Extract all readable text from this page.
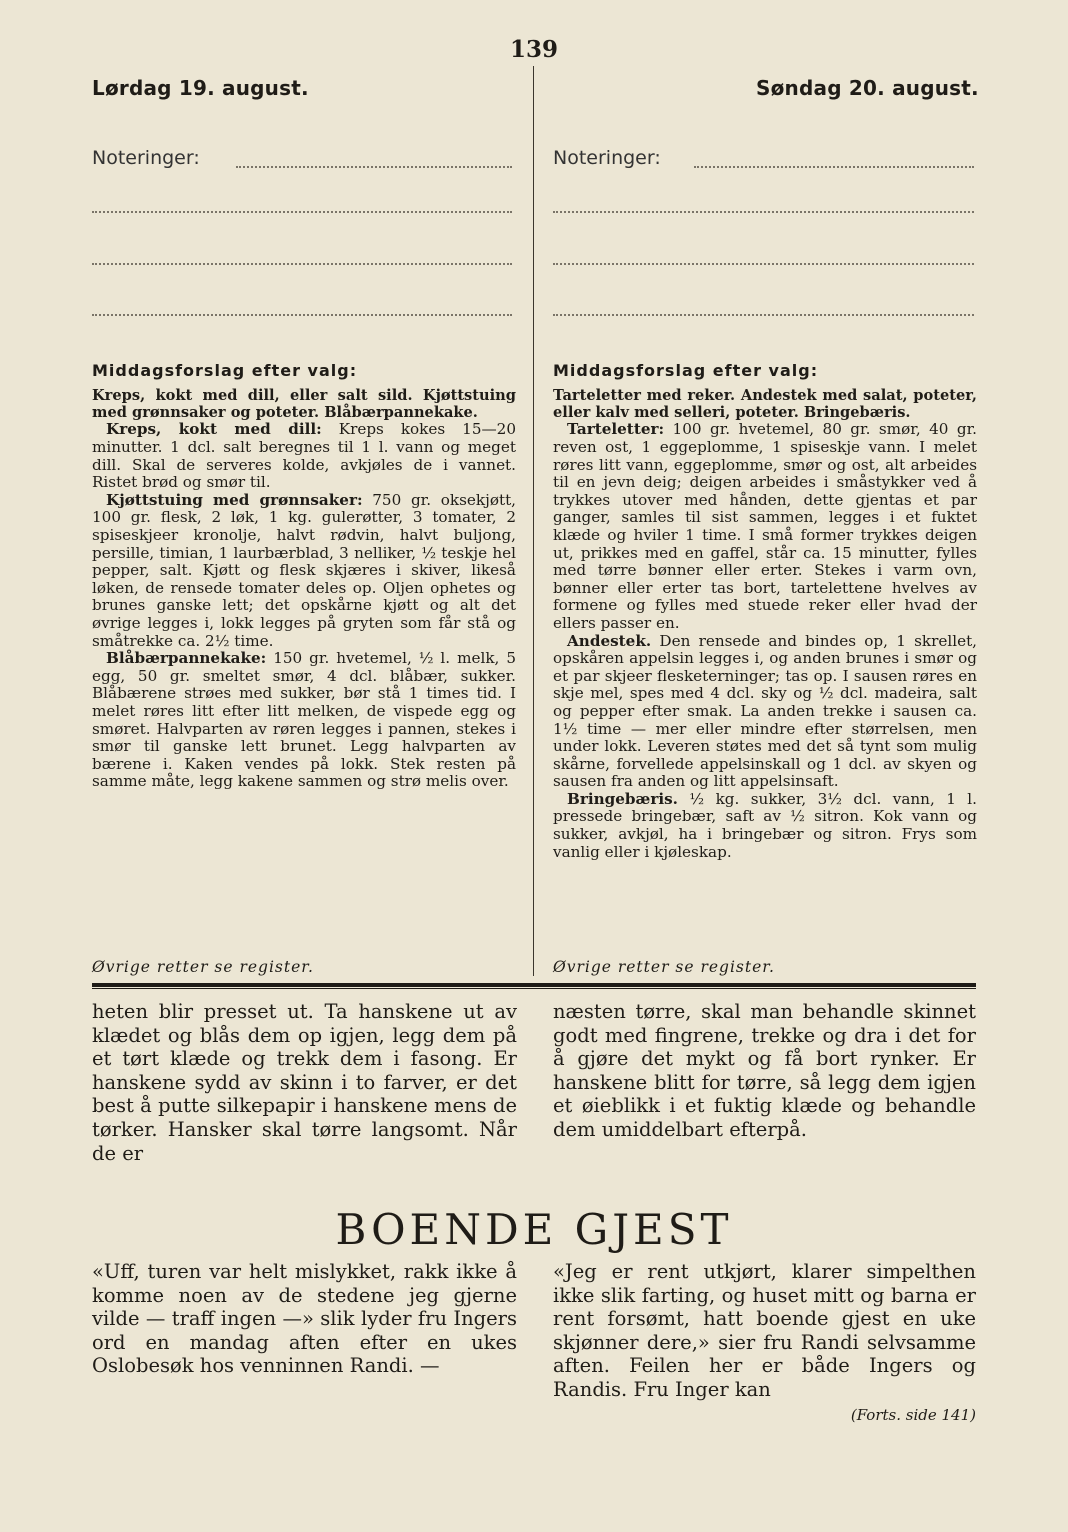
139
Lørdag 19. august.	Søndag 20. august.
Noteringer:	Noteringer:
Middagsforslag efter valg:

Kreps, kokt med dill, eller salt sild. Kjøttstuing med grønnsaker og poteter. Blåbærpannekake.

Kreps, kokt med dill: Kreps kokes 15—20 minutter. 1 dcl. salt beregnes til 1 l. vann og meget dill. Skal de serveres kolde, avkjøles de i vannet. Ristet brød og smør til.

Kjøttstuing med grønnsaker: 750 gr. oksekjøtt, 100 gr. flesk, 2 løk, 1 kg. gulerøtter, 3 tomater, 2 spiseskjeer kronolje, halvt rødvin, halvt buljong, persille, timian, 1 laurbærblad, 3 nelliker, ½ teskje hel pepper, salt. Kjøtt og flesk skjæres i skiver, likeså løken, de rensede tomater deles op. Oljen ophetes og brunes ganske lett; det opskårne kjøtt og alt det øvrige legges i, lokk legges på gryten som får stå og småtrekke ca. 2½ time.

Blåbærpannekake: 150 gr. hvetemel, ½ l. melk, 5 egg, 50 gr. smeltet smør, 4 dcl. blåbær, sukker. Blåbærene strøes med sukker, bør stå 1 times tid. I melet røres litt efter litt melken, de vispede egg og smøret. Halvparten av røren legges i pannen, stekes i smør til ganske lett brunet. Legg halvparten av bærene i. Kaken vendes på lokk. Stek resten på samme måte, legg kakene sammen og strø melis over.

Øvrige retter se register.
Middagsforslag efter valg:

Tarteletter med reker. Andestek med salat, poteter, eller kalv med selleri, poteter. Bringebæris.

Tarteletter: 100 gr. hvetemel, 80 gr. smør, 40 gr. reven ost, 1 eggeplomme, 1 spiseskje vann. I melet røres litt vann, eggeplomme, smør og ost, alt arbeides til en jevn deig; deigen arbeides i småstykker ved å trykkes utover med hånden, dette gjentas et par ganger, samles til sist sammen, legges i et fuktet klæde og hviler 1 time. I små former trykkes deigen ut, prikkes med en gaffel, står ca. 15 minutter, fylles med tørre bønner eller erter. Stekes i varm ovn, bønner eller erter tas bort, tartelettene hvelves av formene og fylles med stuede reker eller hvad der ellers passer en.

Andestek. Den rensede and bindes op, 1 skrellet, opskåren appelsin legges i, og anden brunes i smør og et par skjeer flesketerninger; tas op. I sausen røres en skje mel, spes med 4 dcl. sky og ½ dcl. madeira, salt og pepper efter smak. La anden trekke i sausen ca. 1½ time — mer eller mindre efter størrelsen, men under lokk. Leveren støtes med det så tynt som mulig skårne, forvellede appelsinskall og 1 dcl. av skyen og sausen fra anden og litt appelsinsaft.

Bringebæris. ½ kg. sukker, 3½ dcl. vann, 1 l. pressede bringebær, saft av ½ sitron. Kok vann og sukker, avkjøl, ha i bringebær og sitron. Frys som vanlig eller i kjøleskap.

Øvrige retter se register.

heten blir presset ut. Ta hanskene ut av klædet og blås dem op igjen, legg dem på et tørt klæde og trekk dem i fasong. Er hanskene sydd av skinn i to farver, er det best å putte silkepapir i hanskene mens de tørker. Hansker skal tørre langsomt. Når de er

næsten tørre, skal man behandle skinnet godt med fingrene, trekke og dra i det for å gjøre det mykt og få bort rynker. Er hanskene blitt for tørre, så legg dem igjen et øieblikk i et fuktig klæde og behandle dem umiddelbart efterpå.

BOENDE GJEST

«Uff, turen var helt mislykket, rakk ikke å komme noen av de stedene jeg gjerne vilde — traff ingen —» slik lyder fru Ingers ord en mandag aften efter en ukes Oslobesøk hos venninnen Randi. —

«Jeg er rent utkjørt, klarer simpelthen ikke slik farting, og huset mitt og barna er rent forsømt, hatt boende gjest en uke skjønner dere,» sier fru Randi selvsamme aften. Feilen her er både Ingers og Randis. Fru Inger kan

(Forts. side 141)
